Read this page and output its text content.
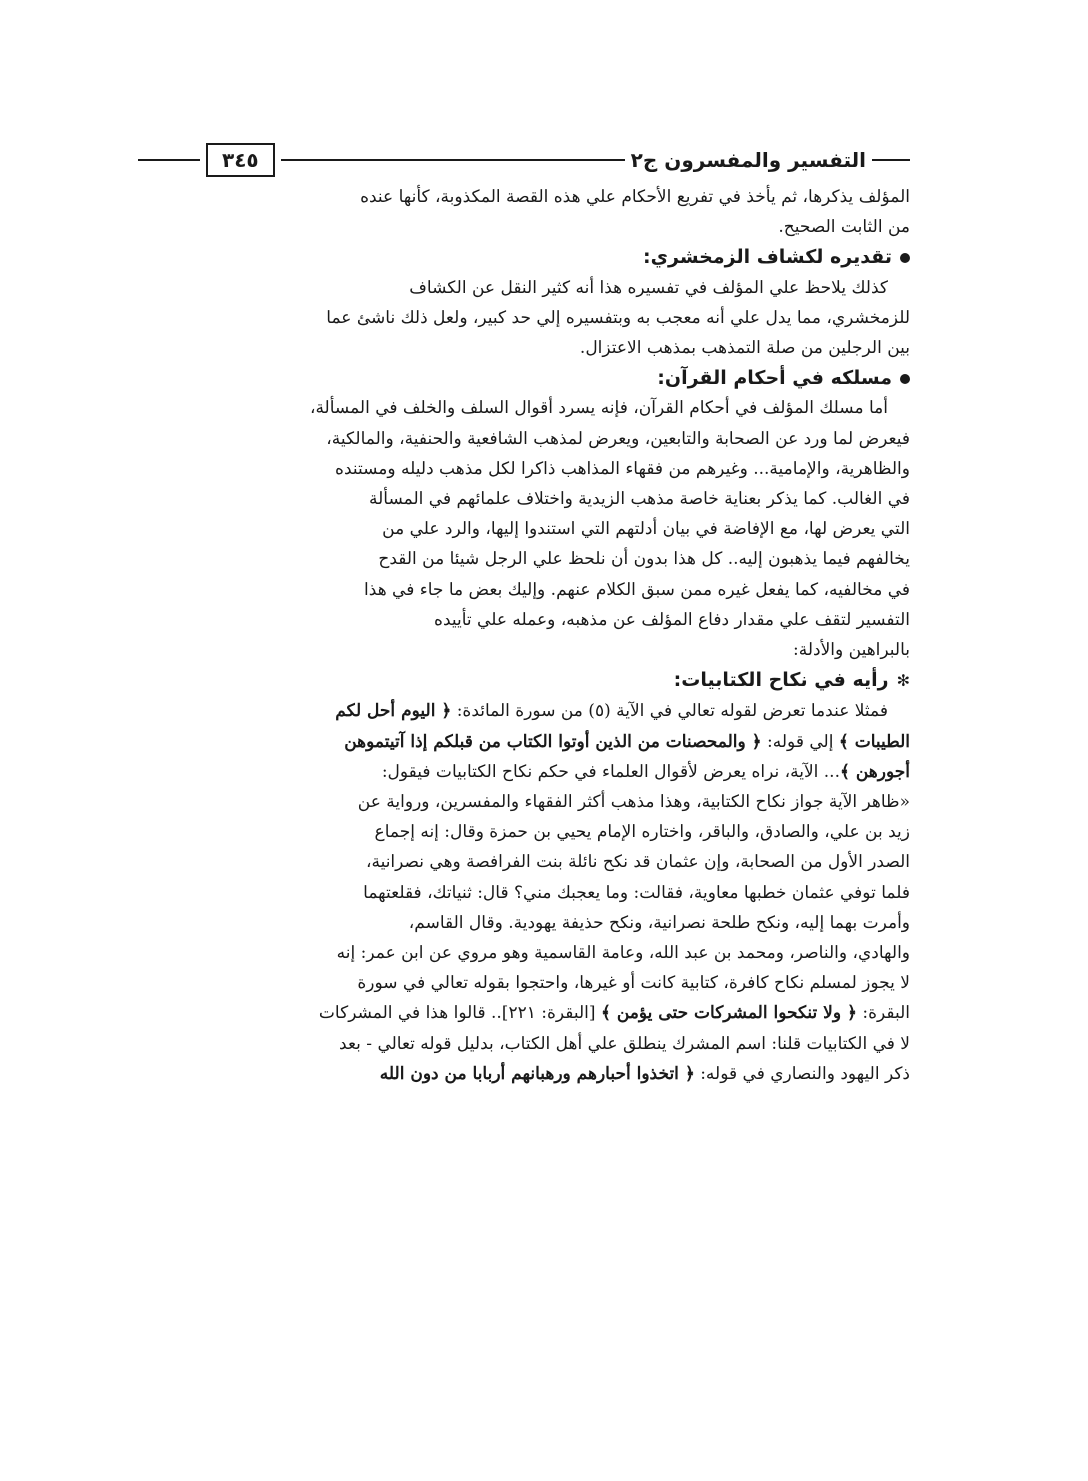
التفسير والمفسرون ج٢
٣٤٥
المؤلف يذكرها، ثم يأخذ في تفريع الأحكام علي هذه القصة المكذوبة، كأنها عنده
من الثابت الصحيح.
تقديره لكشاف الزمخشري:
كذلك يلاحظ علي المؤلف في تفسيره هذا أنه كثير النقل عن الكشاف
للزمخشري، مما يدل علي أنه معجب به وبتفسيره إلي حد كبير، ولعل ذلك ناشئ عما
بين الرجلين من صلة التمذهب بمذهب الاعتزال.
مسلكه في أحكام القرآن:
أما مسلك المؤلف في أحكام القرآن، فإنه يسرد أقوال السلف والخلف في المسألة،
فيعرض لما ورد عن الصحابة والتابعين، ويعرض لمذهب الشافعية والحنفية، والمالكية،
والظاهرية، والإمامية... وغيرهم من فقهاء المذاهب ذاكرا لكل مذهب دليله ومستنده
في الغالب. كما يذكر بعناية خاصة مذهب الزيدية واختلاف علمائهم في المسألة
التي يعرض لها، مع الإفاضة في بيان أدلتهم التي استندوا إليها، والرد علي من
يخالفهم فيما يذهبون إليه.. كل هذا بدون أن نلحظ علي الرجل شيئا من القدح
في مخالفيه، كما يفعل غيره ممن سبق الكلام عنهم. وإليك بعض ما جاء في هذا
التفسير لتقف علي مقدار دفاع المؤلف عن مذهبه، وعمله علي تأييده
بالبراهين والأدلة:
✻رأيه في نكاح الكتابيات:
فمثلا عندما تعرض لقوله تعالي في الآية (٥) من سورة المائدة: ﴿ اليوم أحل لكم
الطيبات ﴾ إلي قوله: ﴿ والمحصنات من الذين أوتوا الكتاب من قبلكم إذا آتيتموهن
أجورهن ﴾... الآية، نراه يعرض لأقوال العلماء في حكم نكاح الكتابيات فيقول:
«ظاهر الآية جواز نكاح الكتابية، وهذا مذهب أكثر الفقهاء والمفسرين، ورواية عن
زيد بن علي، والصادق، والباقر، واختاره الإمام يحيي بن حمزة وقال: إنه إجماع
الصدر الأول من الصحابة، وإن عثمان قد نكح نائلة بنت الفرافصة وهي نصرانية،
فلما توفي عثمان خطبها معاوية، فقالت: وما يعجبك مني؟ قال: ثنياتك، فقلعتهما
وأمرت بهما إليه، ونكح طلحة نصرانية، ونكح حذيفة يهودية. وقال القاسم،
والهادي، والناصر، ومحمد بن عبد الله، وعامة القاسمية وهو مروي عن ابن عمر: إنه
لا يجوز لمسلم نكاح كافرة، كتابية كانت أو غيرها، واحتجوا بقوله تعالي في سورة
البقرة: ﴿ ولا تنكحوا المشركات حتى يؤمن ﴾ [البقرة: ٢٢١].. قالوا هذا في المشركات
لا في الكتابيات قلنا: اسم المشرك ينطلق علي أهل الكتاب، بدليل قوله تعالي - بعد
ذكر اليهود والنصاري في قوله: ﴿ اتخذوا أحبارهم ورهبانهم أربابا من دون الله
